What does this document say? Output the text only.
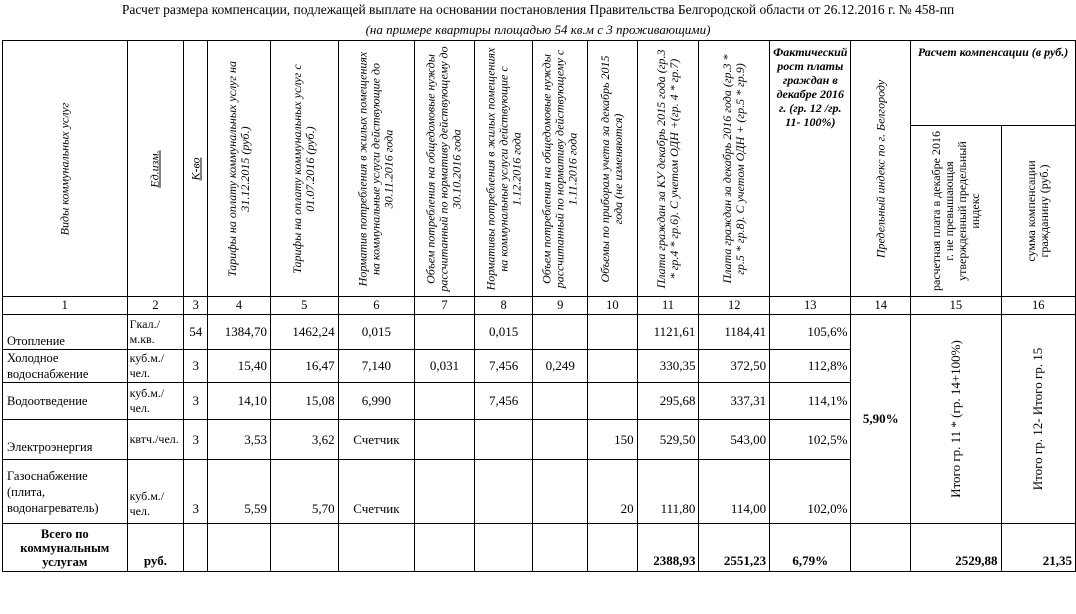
Расчет размера компенсации, подлежащей выплате на основании постановления Правительства Белгородской области от 26.12.2016 г. № 458-пп
(на примере квартиры площадью 54 кв.м с 3 проживающими)
Виды коммунальных услуг	Ед.изм.	К-во	Тарифы на оплату коммунальных услуг на 31.12.2015 (руб.)	Тарифы на оплату коммунальных услуг с 01.07.2016 (руб.)	Норматив потребления в жилых помещениях на коммунальные услуги действующие до 30.11.2016 года	Объем потребления на общедомовые нужды рассчитанный по нормативу действующему до 30.10.2016 года	Нормативы потребления в жилых помещениях на коммунальные услуги действующие с 1.12.2016 года	Объем потребления на общедомовые нужды рассчитанный по нормативу действующему с 1.11.2016 года	Объемы по приборам учета за декабрь 2015 года (не изменяются)	Плата граждан за КУ декабрь 2015 года (гр.3 * гр.4 * гр.6). С учетом ОДН +(гр. 4 * гр.7)	Плата граждан за декабрь 2016 года (гр.3 * гр.5 * гр.8). С учетом ОДН + (гр.5 * гр.9)	Фактический рост платы граждан в декабре 2016 г. (гр. 12 /гр. 11- 100%)	Предельный индекс по г. Белгороду	Расчет компенсации (в руб.)	

														расчетная плата в декабре 2016 г. не превышающая утвержденный предельный индекс	сумма компенсации гражданину (руб.)

1	2	3	4	5	6	7	8	9	10	11	12	13	14	15	16
Отопление	Гкал./м.кв.	54	1384,70	1462,24	0,015		0,015			1121,61	1184,41	105,6%	5,90%	Итого гр. 11 * (гр. 14+100%)	Итого гр. 12- Итого гр. 15

Холодное водоснабжение	куб.м./чел.	3	15,40	16,47	7,140	0,031	7,456	0,249		330,35	372,50	112,8%			
Водоотведение	куб.м./чел.	3	14,10	15,08	6,990		7,456			295,68	337,31	114,1%			
Электроэнергия	квтч./чел.	3	3,53	3,62	Счетчик				150	529,50	543,00	102,5%			
Газоснабжение (плита, водонагреватель)	куб.м./чел.	3	5,59	5,70	Счетчик				20	111,80	114,00	102,0%			
Всего по коммунальным услугам	руб.									2388,93	2551,23	6,79%		2529,88	21,35
